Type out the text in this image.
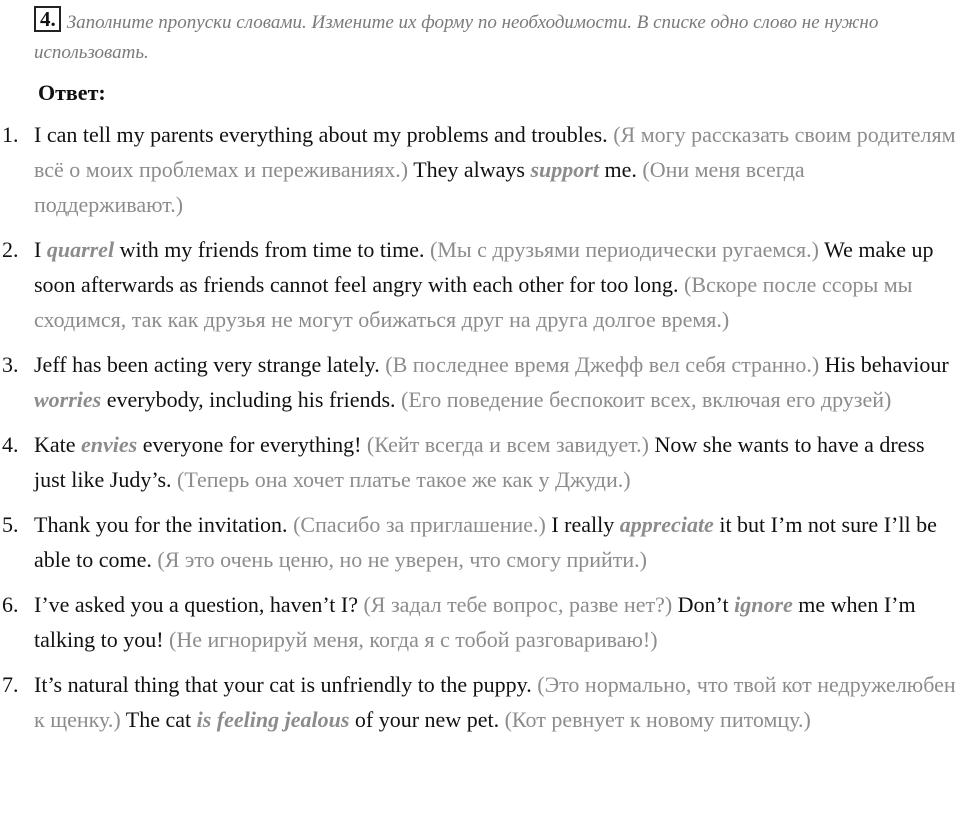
4. Заполните пропуски словами. Измените их форму по необходимости. В списке одно слово не нужно использовать.
Ответ:
1. I can tell my parents everything about my problems and troubles. (Я могу рассказать своим родителям всё о моих проблемах и переживаниях.) They always support me. (Они меня всегда поддерживают.)
2. I quarrel with my friends from time to time. (Мы с друзьями периодически ругаемся.) We make up soon afterwards as friends cannot feel angry with each other for too long. (Вскоре после ссоры мы сходимся, так как друзья не могут обижаться друг на друга долгое время.)
3. Jeff has been acting very strange lately. (В последнее время Джефф вел себя странно.) His behaviour worries everybody, including his friends. (Его поведение беспокоит всех, включая его друзей)
4. Kate envies everyone for everything! (Кейт всегда и всем завидует.) Now she wants to have a dress just like Judy’s. (Теперь она хочет платье такое же как у Джуди.)
5. Thank you for the invitation. (Спасибо за приглашение.) I really appreciate it but I’m not sure I’ll be able to come. (Я это очень ценю, но не уверен, что смогу прийти.)
6. I’ve asked you a question, haven’t I? (Я задал тебе вопрос, разве нет?) Don’t ignore me when I’m talking to you! (Не игнорируй меня, когда я с тобой разговариваю!)
7. It’s natural thing that your cat is unfriendly to the puppy. (Это нормально, что твой кот недружелюбен к щенку.) The cat is feeling jealous of your new pet. (Кот ревнует к новому питомцу.)
